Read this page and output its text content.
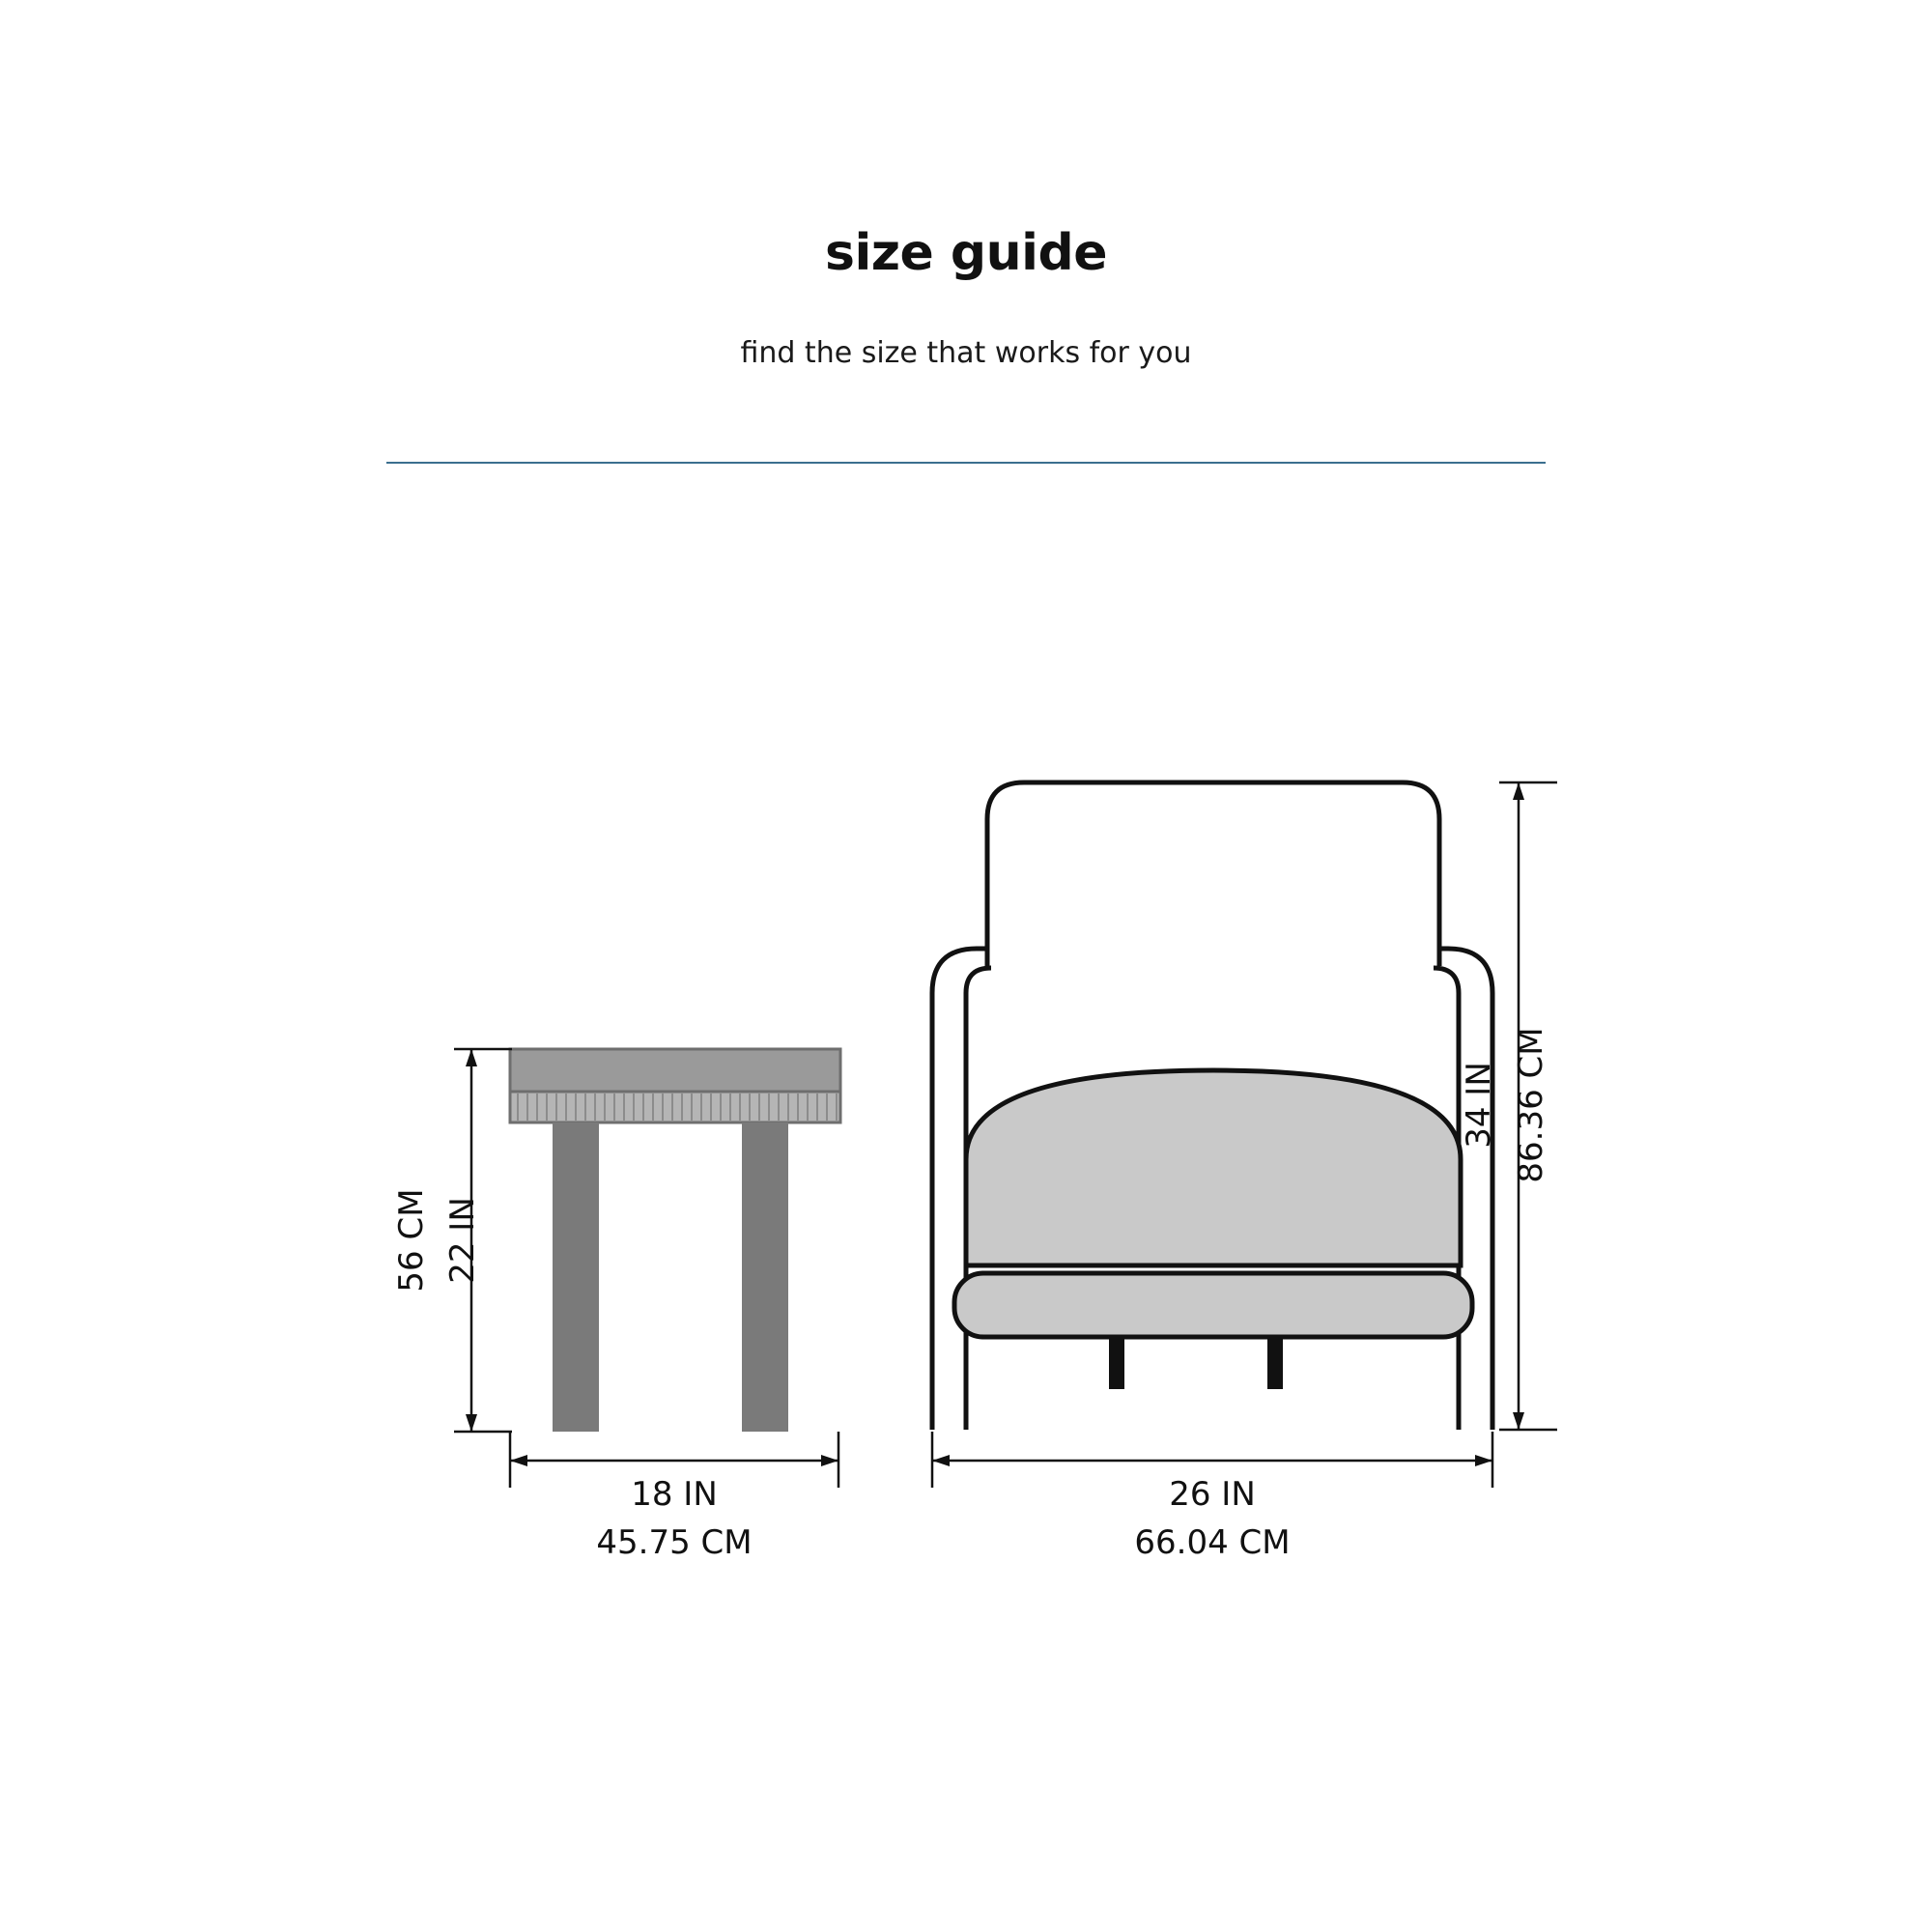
size guide
find the size that works for you
22 IN
56 CM
18 IN
45.75 CM
34 IN 86.36 CM
26 IN
66.04 CM
